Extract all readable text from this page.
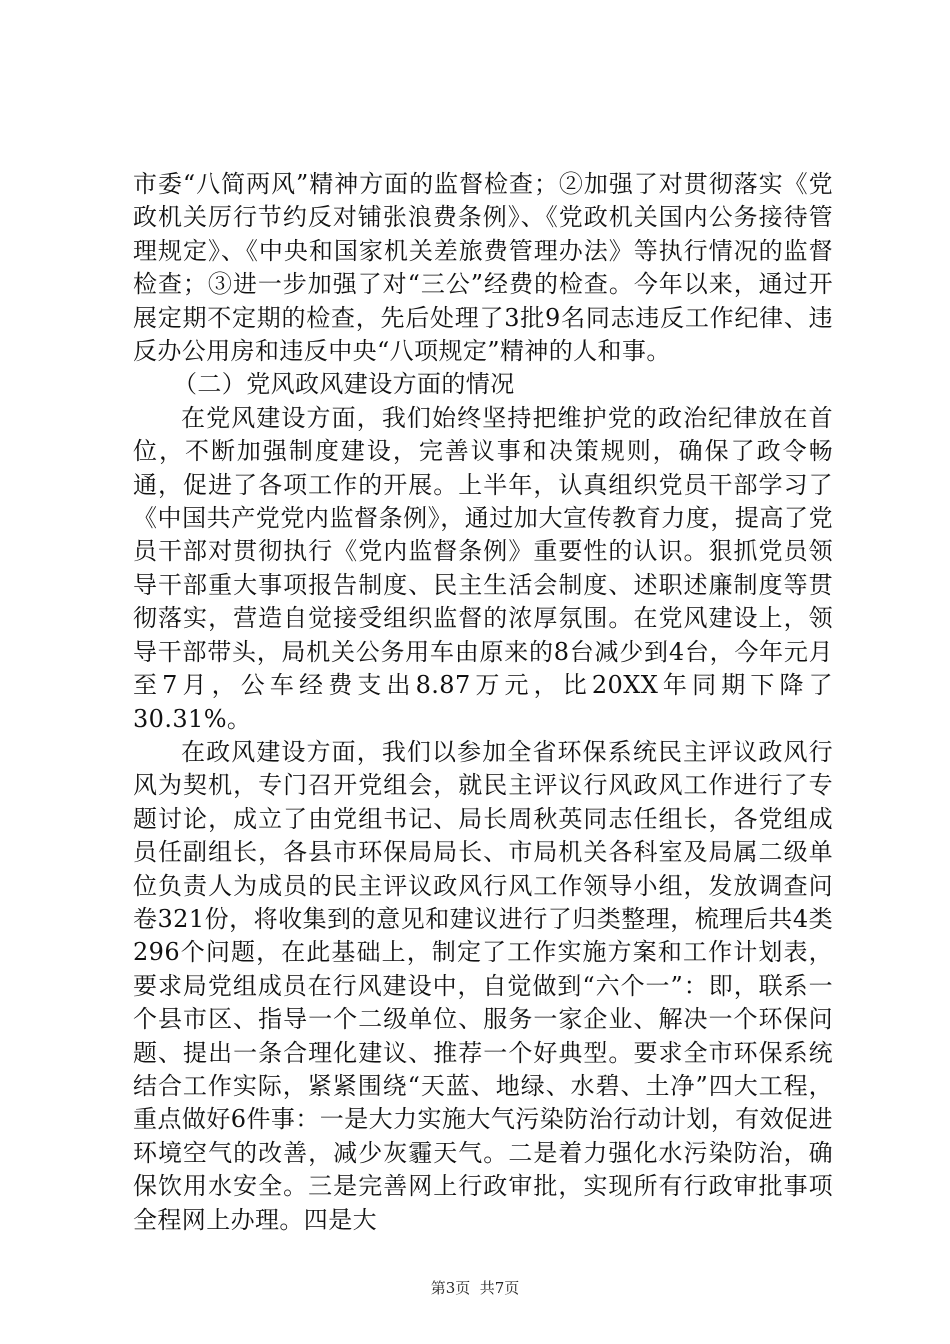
市委“八简两风”精神方面的监督检查；②加强了对贯彻落实《党政机关厉行节约反对铺张浪费条例》、《党政机关国内公务接待管理规定》、《中央和国家机关差旅费管理办法》等执行情况的监督检查；③进一步加强了对“三公”经费的检查。今年以来，通过开展定期不定期的检查，先后处理了3批9名同志违反工作纪律、违反办公用房和违反中央“八项规定”精神的人和事。

（二）党风政风建设方面的情况

在党风建设方面，我们始终坚持把维护党的政治纪律放在首位，不断加强制度建设，完善议事和决策规则，确保了政令畅通，促进了各项工作的开展。上半年，认真组织党员干部学习了《中国共产党党内监督条例》，通过加大宣传教育力度，提高了党员干部对贯彻执行《党内监督条例》重要性的认识。狠抓党员领导干部重大事项报告制度、民主生活会制度、述职述廉制度等贯彻落实，营造自觉接受组织监督的浓厚氛围。在党风建设上，领导干部带头，局机关公务用车由原来的8台减少到4台，今年元月至7月，公车经费支出8.87万元，比20XX年同期下降了30.31%。

在政风建设方面，我们以参加全省环保系统民主评议政风行风为契机，专门召开党组会，就民主评议行风政风工作进行了专题讨论，成立了由党组书记、局长周秋英同志任组长，各党组成员任副组长，各县市环保局局长、市局机关各科室及局属二级单位负责人为成员的民主评议政风行风工作领导小组，发放调查问卷321份，将收集到的意见和建议进行了归类整理，梳理后共4类296个问题，在此基础上，制定了工作实施方案和工作计划表，要求局党组成员在行风建设中，自觉做到“六个一”：即，联系一个县市区、指导一个二级单位、服务一家企业、解决一个环保问题、提出一条合理化建议、推荐一个好典型。要求全市环保系统结合工作实际，紧紧围绕“天蓝、地绿、水碧、土净”四大工程，重点做好6件事：一是大力实施大气污染防治行动计划，有效促进环境空气的改善，减少灰霾天气。二是着力强化水污染防治，确保饮用水安全。三是完善网上行政审批，实现所有行政审批事项全程网上办理。四是大

第3页  共7页
